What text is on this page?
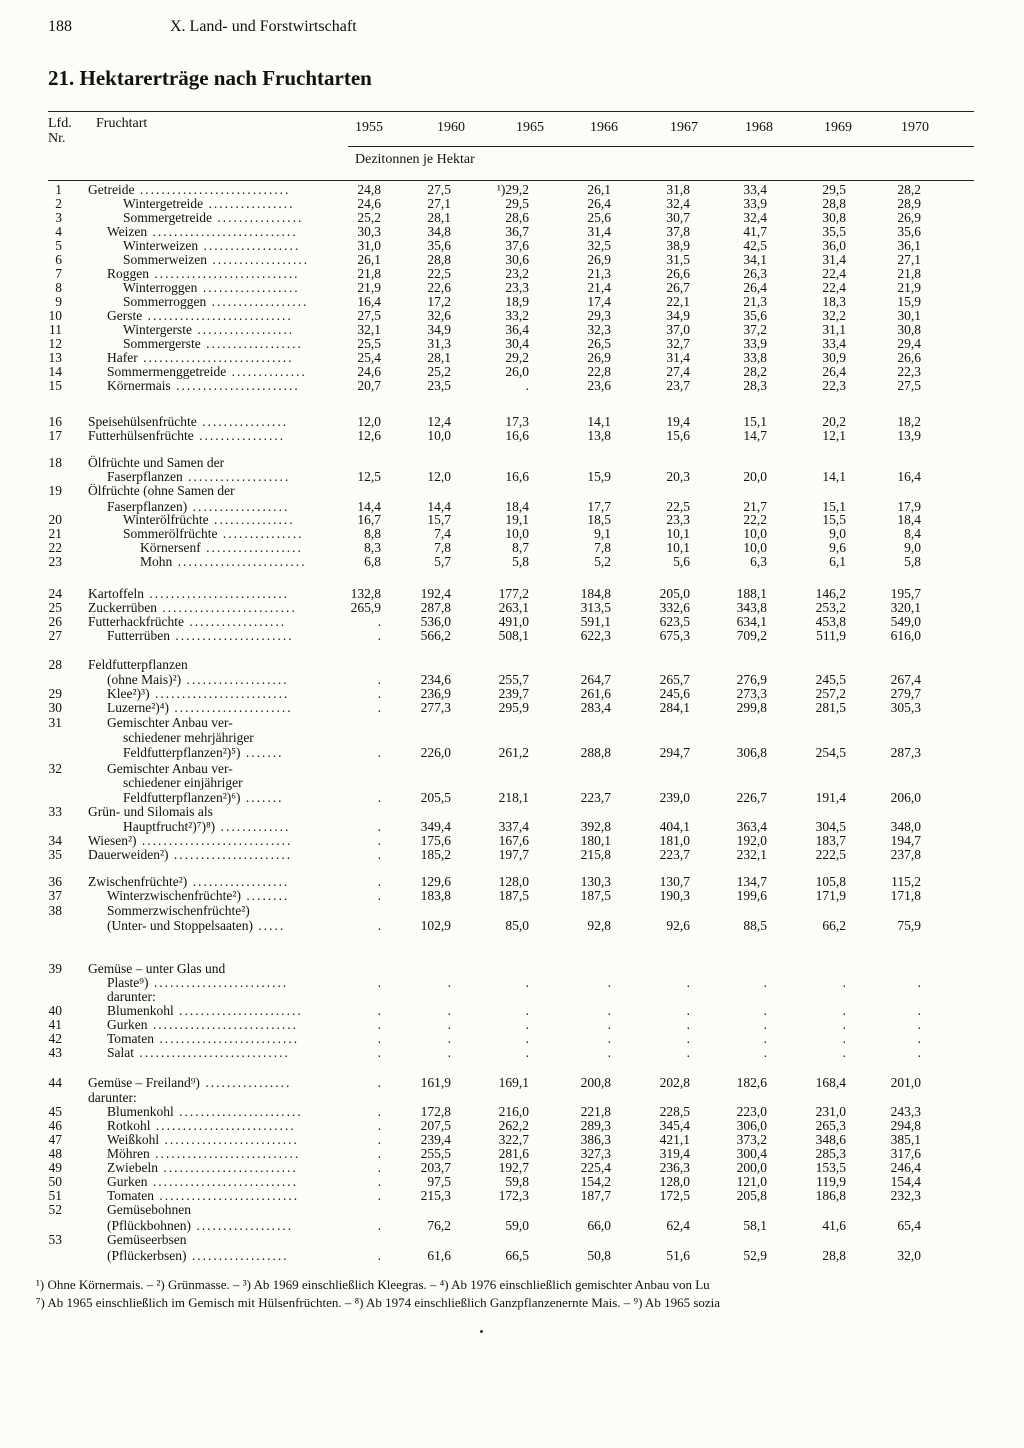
188	X. Land- und Forstwirtschaft
21. Hektarerträge nach Fruchtarten
Lfd.
Nr.
Fruchtart	1955	1960	1965	1966	1967	1968	1969	1970
Dezitonnen je Hektar
1 Getreide ............................	24,8	27,5	¹)29,2	26,1	31,8	33,4	29,5	28,2
2	Wintergetreide ................	24,6	27,1	29,5	26,4	32,4	33,9	28,8	28,9
3	Sommergetreide ................	25,2	28,1	28,6	25,6	30,7	32,4	30,8	26,9
4	Weizen ...........................	30,3	34,8	36,7	31,4	37,8	41,7	35,5	35,6
5	Winterweizen ..................	31,0	35,6	37,6	32,5	38,9	42,5	36,0	36,1
6	Sommerweizen ..................	26,1	28,8	30,6	26,9	31,5	34,1	31,4	27,1
7	Roggen ...........................	21,8	22,5	23,2	21,3	26,6	26,3	22,4	21,8
8	Winterroggen ..................	21,9	22,6	23,3	21,4	26,7	26,4	22,4	21,9
9	Sommerroggen ..................	16,4	17,2	18,9	17,4	22,1	21,3	18,3	15,9
10	Gerste ...........................	27,5	32,6	33,2	29,3	34,9	35,6	32,2	30,1
11	Wintergerste ..................	32,1	34,9	36,4	32,3	37,0	37,2	31,1	30,8
12	Sommergerste ..................	25,5	31,3	30,4	26,5	32,7	33,9	33,4	29,4
13	Hafer ............................	25,4	28,1	29,2	26,9	31,4	33,8	30,9	26,6
14	Sommermenggetreide ..............	24,6	25,2	26,0	22,8	27,4	28,2	26,4	22,3
15	Körnermais .......................	20,7	23,5	.	23,6	23,7	28,3	22,3	27,5
16 Speisehülsenfrüchte ................	12,0	12,4	17,3	14,1	19,4	15,1	20,2	18,2
17 Futterhülsenfrüchte ................	12,6	10,0	16,6	13,8	15,6	14,7	12,1	13,9
18 Ölfrüchte und Samen der
Faserpflanzen ...................	12,5	12,0	16,6	15,9	20,3	20,0	14,1	16,4
19 Ölfrüchte (ohne Samen der
Faserpflanzen) ..................	14,4	14,4	18,4	17,7	22,5	21,7	15,1	17,9
20	Winterölfrüchte ...............	16,7	15,7	19,1	18,5	23,3	22,2	15,5	18,4
21	Sommerölfrüchte ...............	8,8	7,4	10,0	9,1	10,1	10,0	9,0	8,4
22	Körnersenf ..................	8,3	7,8	8,7	7,8	10,1	10,0	9,6	9,0
23	Mohn ........................	6,8	5,7	5,8	5,2	5,6	6,3	6,1	5,8
24 Kartoffeln ..........................	132,8	192,4	177,2	184,8	205,0	188,1	146,2	195,7
25 Zuckerrüben .........................	265,9	287,8	263,1	313,5	332,6	343,8	253,2	320,1
26 Futterhackfrüchte ..................	.	536,0	491,0	591,1	623,5	634,1	453,8	549,0
27	Futterrüben ......................	.	566,2	508,1	622,3	675,3	709,2	511,9	616,0
28 Feldfutterpflanzen
(ohne Mais)²) ...................	.	234,6	255,7	264,7	265,7	276,9	245,5	267,4
29	Klee²)³) .........................	.	236,9	239,7	261,6	245,6	273,3	257,2	279,7
30	Luzerne²)⁴) ......................	.	277,3	295,9	283,4	284,1	299,8	281,5	305,3
31	Gemischter Anbau ver-
schiedener mehrjähriger
Feldfutterpflanzen²)⁵) .......	.	226,0	261,2	288,8	294,7	306,8	254,5	287,3
32	Gemischter Anbau ver-
schiedener einjähriger
Feldfutterpflanzen²)⁶) .......	.	205,5	218,1	223,7	239,0	226,7	191,4	206,0
33 Grün- und Silomais als
Hauptfrucht²)⁷)⁸) .............	.	349,4	337,4	392,8	404,1	363,4	304,5	348,0
34 Wiesen²) ............................	.	175,6	167,6	180,1	181,0	192,0	183,7	194,7
35 Dauerweiden²) ......................	.	185,2	197,7	215,8	223,7	232,1	222,5	237,8
36 Zwischenfrüchte²) ..................	.	129,6	128,0	130,3	130,7	134,7	105,8	115,2
37	Winterzwischenfrüchte²) ........	.	183,8	187,5	187,5	190,3	199,6	171,9	171,8
38	Sommerzwischenfrüchte²)
(Unter- und Stoppelsaaten) .....	.	102,9	85,0	92,8	92,6	88,5	66,2	75,9
39 Gemüse – unter Glas und
Plaste⁹) .........................	.	.	.	.	.	.	.	.
darunter:
40	Blumenkohl .......................	.	.	.	.	.	.	.	.
41	Gurken ...........................	.	.	.	.	.	.	.	.
42	Tomaten ..........................	.	.	.	.	.	.	.	.
43	Salat ............................	.	.	.	.	.	.	.	.
44 Gemüse – Freiland⁹) ................	.	161,9	169,1	200,8	202,8	182,6	168,4	201,0
darunter:
45	Blumenkohl .......................	.	172,8	216,0	221,8	228,5	223,0	231,0	243,3
46	Rotkohl ..........................	.	207,5	262,2	289,3	345,4	306,0	265,3	294,8
47	Weißkohl .........................	.	239,4	322,7	386,3	421,1	373,2	348,6	385,1
48	Möhren ...........................	.	255,5	281,6	327,3	319,4	300,4	285,3	317,6
49	Zwiebeln .........................	.	203,7	192,7	225,4	236,3	200,0	153,5	246,4
50	Gurken ...........................	.	97,5	59,8	154,2	128,0	121,0	119,9	154,4
51	Tomaten ..........................	.	215,3	172,3	187,7	172,5	205,8	186,8	232,3
52	Gemüsebohnen
(Pflückbohnen) ..................	.	76,2	59,0	66,0	62,4	58,1	41,6	65,4
53	Gemüseerbsen
(Pflückerbsen) ..................	.	61,6	66,5	50,8	51,6	52,9	28,8	32,0
¹) Ohne Körnermais. – ²) Grünmasse. – ³) Ab 1969 einschließlich Kleegras. – ⁴) Ab 1976 einschließlich gemischter Anbau von Lu
⁷) Ab 1965 einschließlich im Gemisch mit Hülsenfrüchten. – ⁸) Ab 1974 einschließlich Ganzpflanzenernte Mais. – ⁹) Ab 1965 sozia
